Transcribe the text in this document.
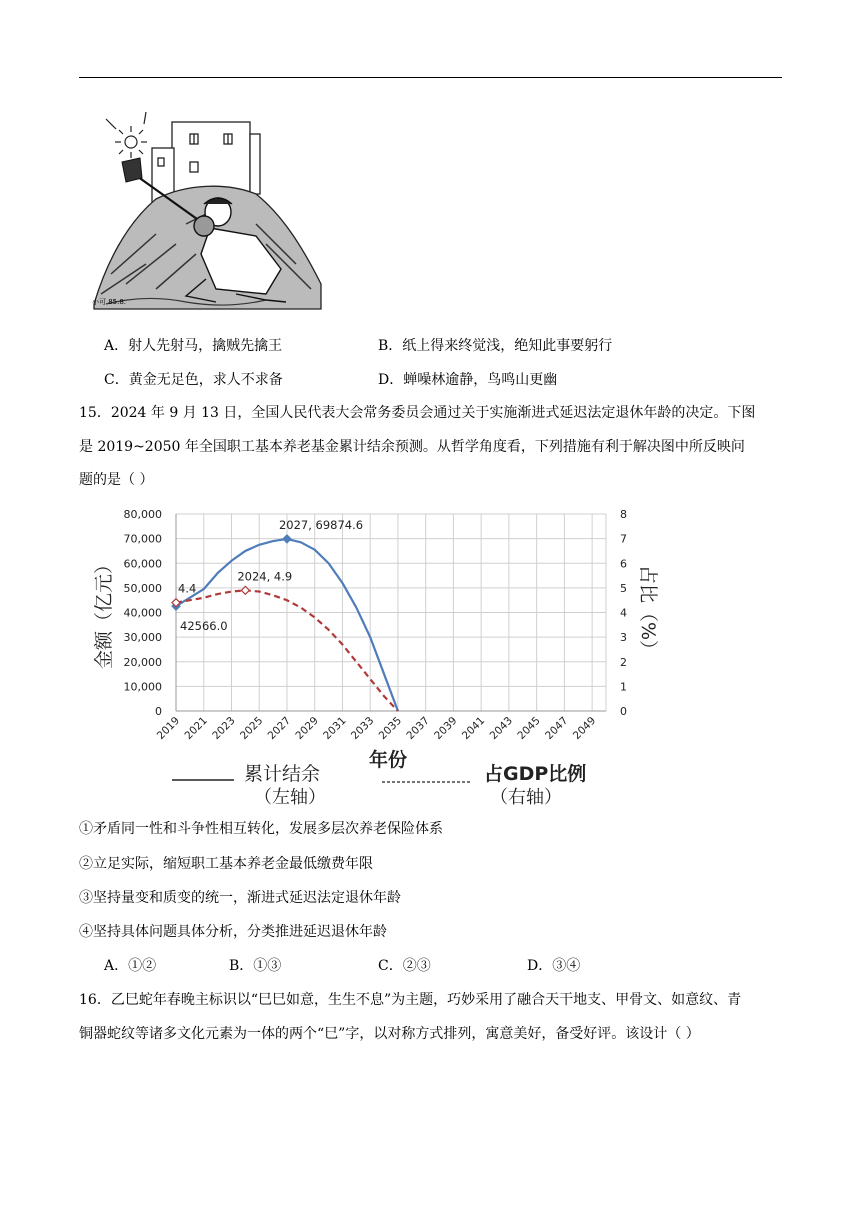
小可 85.8.
A．射人先射马，擒贼先擒王	B．纸上得来终觉浅，绝知此事要躬行
C．黄金无足色，求人不求备	D．蝉噪林逾静，鸟鸣山更幽
15．2024 年 9 月 13 日，全国人民代表大会常务委员会通过关于实施渐进式延迟法定退休年龄的决定。下图
是 2019~2050 年全国职工基本养老基金累计结余预测。从哲学角度看，下列措施有利于解决图中所反映问
题的是（ ）
0
10,000
20,000
30,000
40,000
50,000
60,000
70,000
80,000
0
1
2
3
4
5
6
7
8
2019 2021 2023 2025 2027 2029 2031 2033 2035 2037 2039 2041 2043 2045 2047 2049
2027, 69874.6
2024, 4.9
4.4
42566.0
金额（亿元）	占比（%）
年份
累计结余
（左轴）
占GDP比例
（右轴）
①矛盾同一性和斗争性相互转化，发展多层次养老保险体系
②立足实际，缩短职工基本养老金最低缴费年限
③坚持量变和质变的统一，渐进式延迟法定退休年龄
④坚持具体问题具体分析，分类推进延迟退休年龄
A．①②	B．①③	C．②③	D．③④
16．乙巳蛇年春晚主标识以“巳巳如意，生生不息”为主题，巧妙采用了融合天干地支、甲骨文、如意纹、青
铜器蛇纹等诸多文化元素为一体的两个“巳”字，以对称方式排列，寓意美好，备受好评。该设计（ ）
